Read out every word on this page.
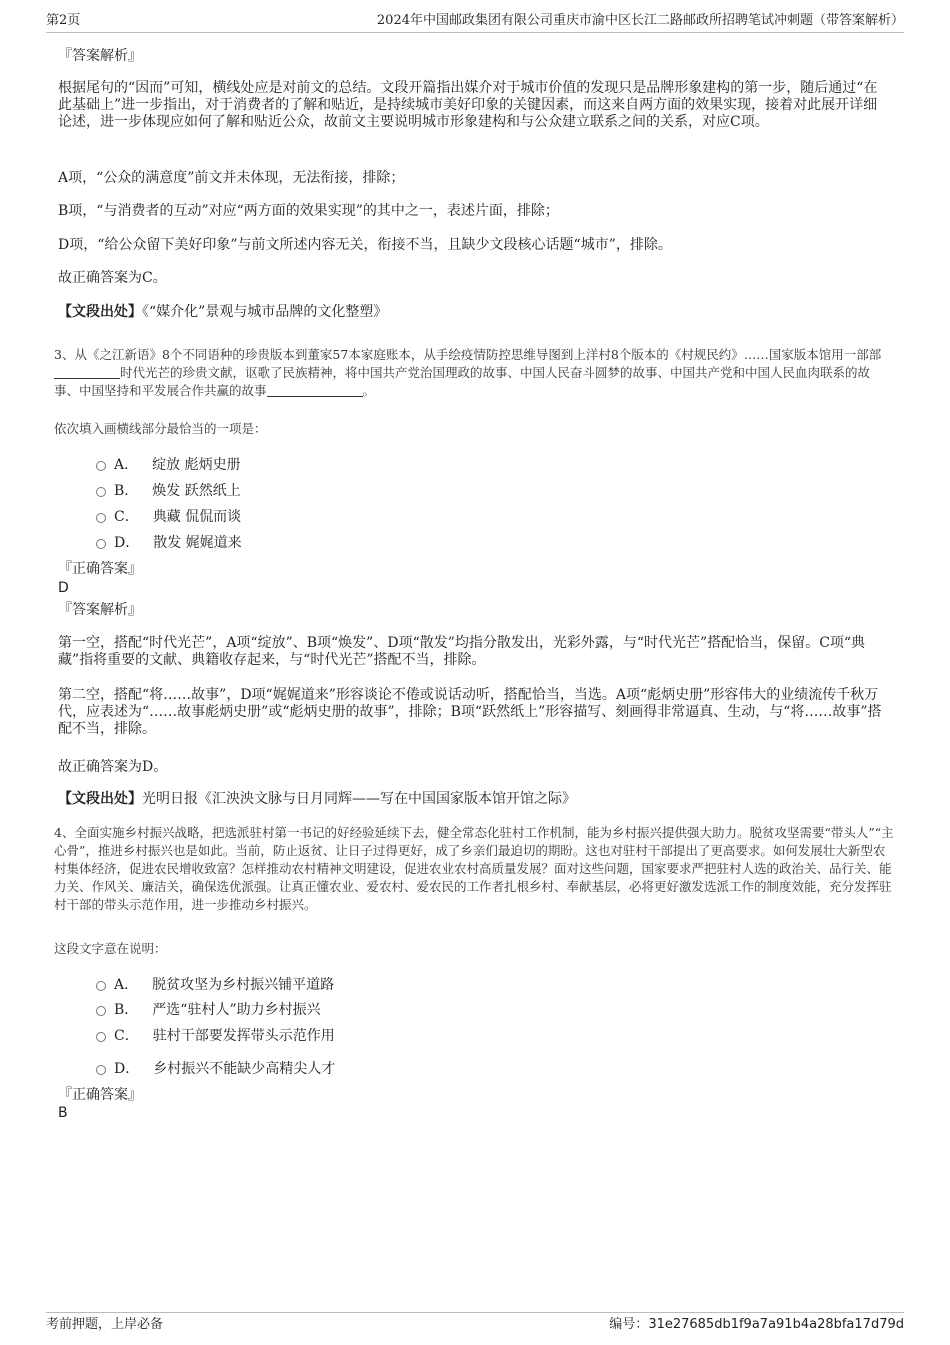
第2页	2024年中国邮政集团有限公司重庆市渝中区长江二路邮政所招聘笔试冲刺题（带答案解析）
『答案解析』
根据尾句的“因而”可知，横线处应是对前文的总结。文段开篇指出媒介对于城市价值的发现只是品牌形象建构的第一步，随后通过“在此基础上”进一步指出，对于消费者的了解和贴近，是持续城市美好印象的关键因素，而这来自两方面的效果实现，接着对此展开详细论述，进一步体现应如何了解和贴近公众，故前文主要说明城市形象建构和与公众建立联系之间的关系，对应C项。
A项，“公众的满意度”前文并未体现，无法衔接，排除；
B项，“与消费者的互动”对应“两方面的效果实现”的其中之一，表述片面，排除；
D项，“给公众留下美好印象”与前文所述内容无关，衔接不当，且缺少文段核心话题“城市”，排除。
故正确答案为C。
【文段出处】《“媒介化”景观与城市品牌的文化整塑》
3、从《之江新语》8个不同语种的珍贵版本到董家57本家庭账本，从手绘疫情防控思维导图到上洋村8个版本的《村规民约》……国家版本馆用一部部时代光芒的珍贵文献，讴歌了民族精神，将中国共产党治国理政的故事、中国人民奋斗圆梦的故事、中国共产党和中国人民血肉联系的故事、中国坚持和平发展合作共赢的故事	。
依次填入画横线部分最恰当的一项是：
A． 绽放 彪炳史册
B． 焕发 跃然纸上
C． 典藏 侃侃而谈
D． 散发 娓娓道来
『正确答案』
D
『答案解析』
第一空，搭配“时代光芒”，A项“绽放”、B项“焕发”、D项“散发”均指分散发出，光彩外露，与“时代光芒”搭配恰当，保留。C项“典藏”指将重要的文献、典籍收存起来，与“时代光芒”搭配不当，排除。
第二空，搭配“将……故事”，D项“娓娓道来”形容谈论不倦或说话动听，搭配恰当，当选。A项“彪炳史册”形容伟大的业绩流传千秋万代，应表述为“……故事彪炳史册”或“彪炳史册的故事”，排除；B项“跃然纸上”形容描写、刻画得非常逼真、生动，与“将……故事”搭配不当，排除。
故正确答案为D。
【文段出处】光明日报《汇泱泱文脉与日月同辉——写在中国国家版本馆开馆之际》
4、全面实施乡村振兴战略，把选派驻村第一书记的好经验延续下去，健全常态化驻村工作机制，能为乡村振兴提供强大助力。脱贫攻坚需要“带头人”“主心骨”，推进乡村振兴也是如此。当前，防止返贫、让日子过得更好，成了乡亲们最迫切的期盼。这也对驻村干部提出了更高要求。如何发展壮大新型农村集体经济，促进农民增收致富？怎样推动农村精神文明建设，促进农业农村高质量发展？面对这些问题，国家要求严把驻村人选的政治关、品行关、能力关、作风关、廉洁关，确保选优派强。让真正懂农业、爱农村、爱农民的工作者扎根乡村、奉献基层，必将更好激发选派工作的制度效能，充分发挥驻村干部的带头示范作用，进一步推动乡村振兴。
这段文字意在说明：
A． 脱贫攻坚为乡村振兴铺平道路
B． 严选“驻村人”助力乡村振兴
C． 驻村干部要发挥带头示范作用
D． 乡村振兴不能缺少高精尖人才
『正确答案』
B
考前押题，上岸必备	编号：31e27685db1f9a7a91b4a28bfa17d79d
